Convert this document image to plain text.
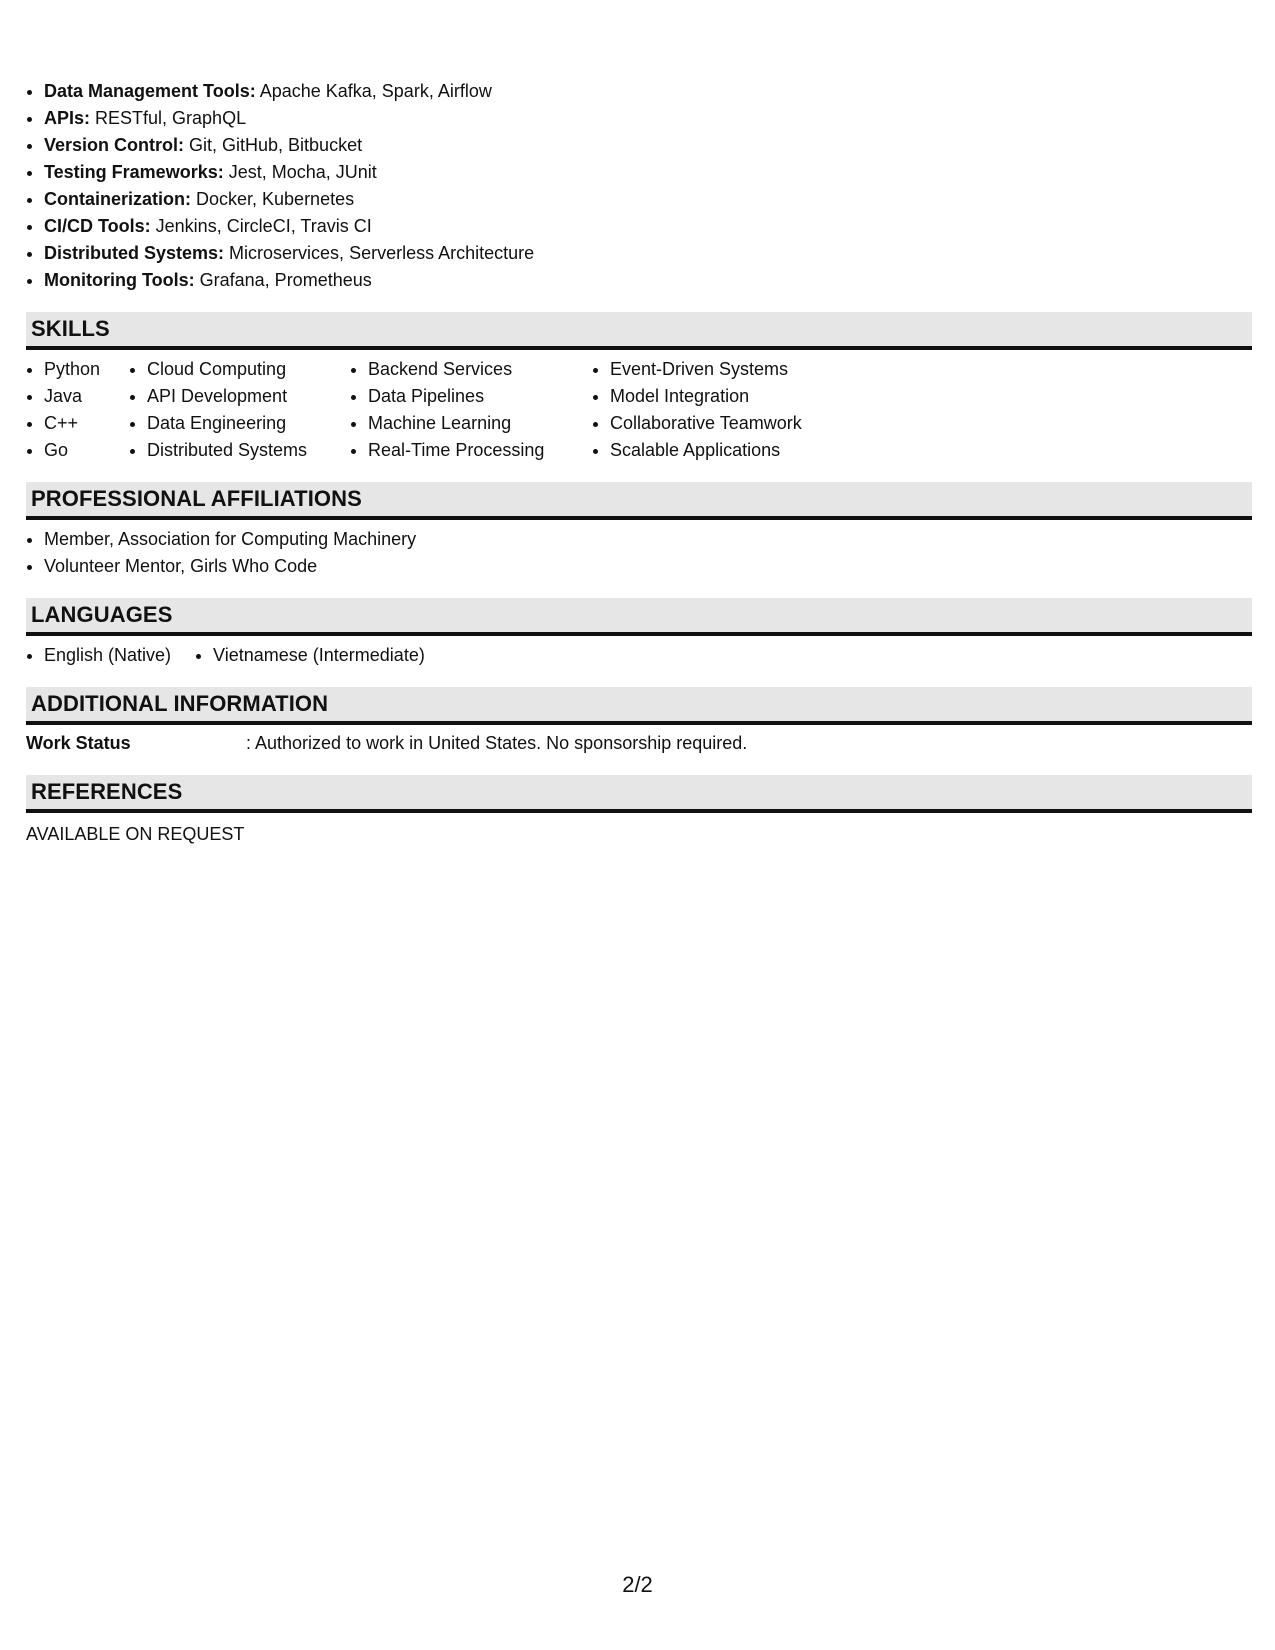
• Data Management Tools: Apache Kafka, Spark, Airflow
• APIs: RESTful, GraphQL
• Version Control: Git, GitHub, Bitbucket
• Testing Frameworks: Jest, Mocha, JUnit
• Containerization: Docker, Kubernetes
• CI/CD Tools: Jenkins, CircleCI, Travis CI
• Distributed Systems: Microservices, Serverless Architecture
• Monitoring Tools: Grafana, Prometheus
SKILLS
• Python
• Java
• C++
• Go
• Cloud Computing
• API Development
• Data Engineering
• Distributed Systems
• Backend Services
• Data Pipelines
• Machine Learning
• Real-Time Processing
• Event-Driven Systems
• Model Integration
• Collaborative Teamwork
• Scalable Applications
PROFESSIONAL AFFILIATIONS
• Member, Association for Computing Machinery
• Volunteer Mentor, Girls Who Code
LANGUAGES
• English (Native)
• Vietnamese (Intermediate)
ADDITIONAL INFORMATION
Work Status	: Authorized to work in United States. No sponsorship required.
REFERENCES
AVAILABLE ON REQUEST
2/2
